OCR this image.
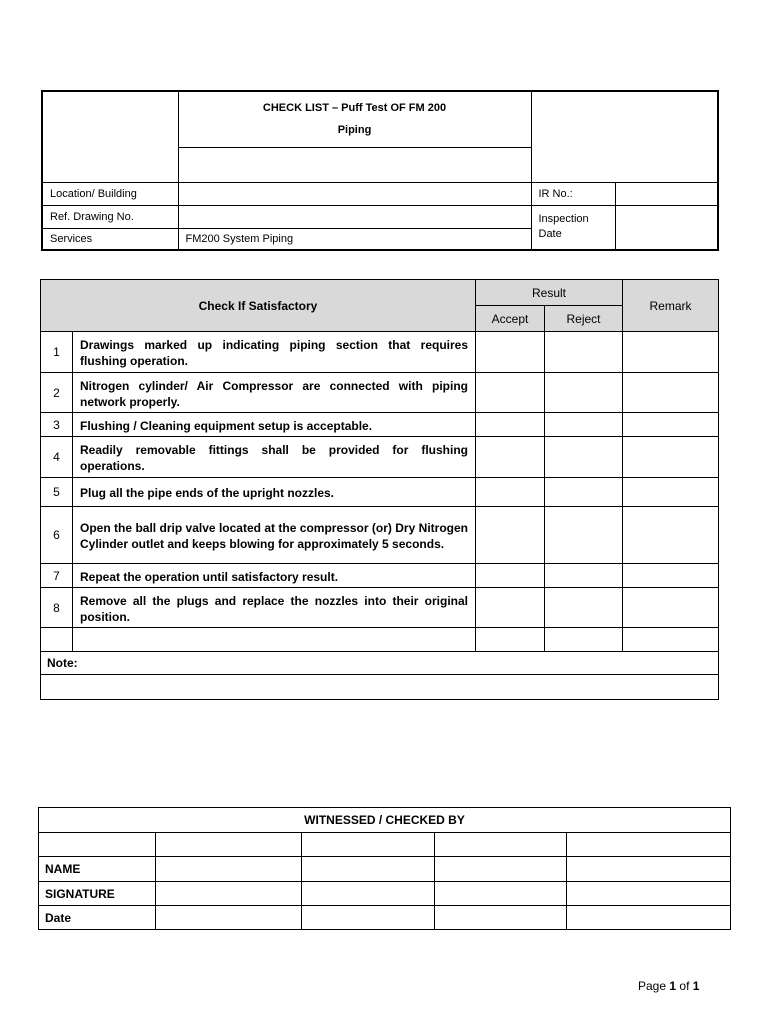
	CHECK LIST – Puff Test OF FM 200
Piping		

Location/ Building		IR No.:	
Ref. Drawing No.		Inspection
Date	

Services	FM200 System Piping		
Check If Satisfactory		Result		Remark
		Accept	Reject	
1	Drawings marked up indicating piping section that requires flushing operation.			
2	Nitrogen cylinder/ Air Compressor are connected with piping network properly.			
3	Flushing / Cleaning equipment setup is acceptable.			
4	Readily removable fittings shall be provided for flushing operations.			
5	Plug all the pipe ends of the upright nozzles.			
6	Open the ball drip valve located at the compressor (or) Dry Nitrogen Cylinder outlet and keeps blowing for approximately 5 seconds.			
7	Repeat the operation until satisfactory result.			
8	Remove all the plugs and replace the nozzles into their original position.			

Note:				

WITNESSED / CHECKED BY				

NAME				
SIGNATURE				
Date				
Page 1 of 1
